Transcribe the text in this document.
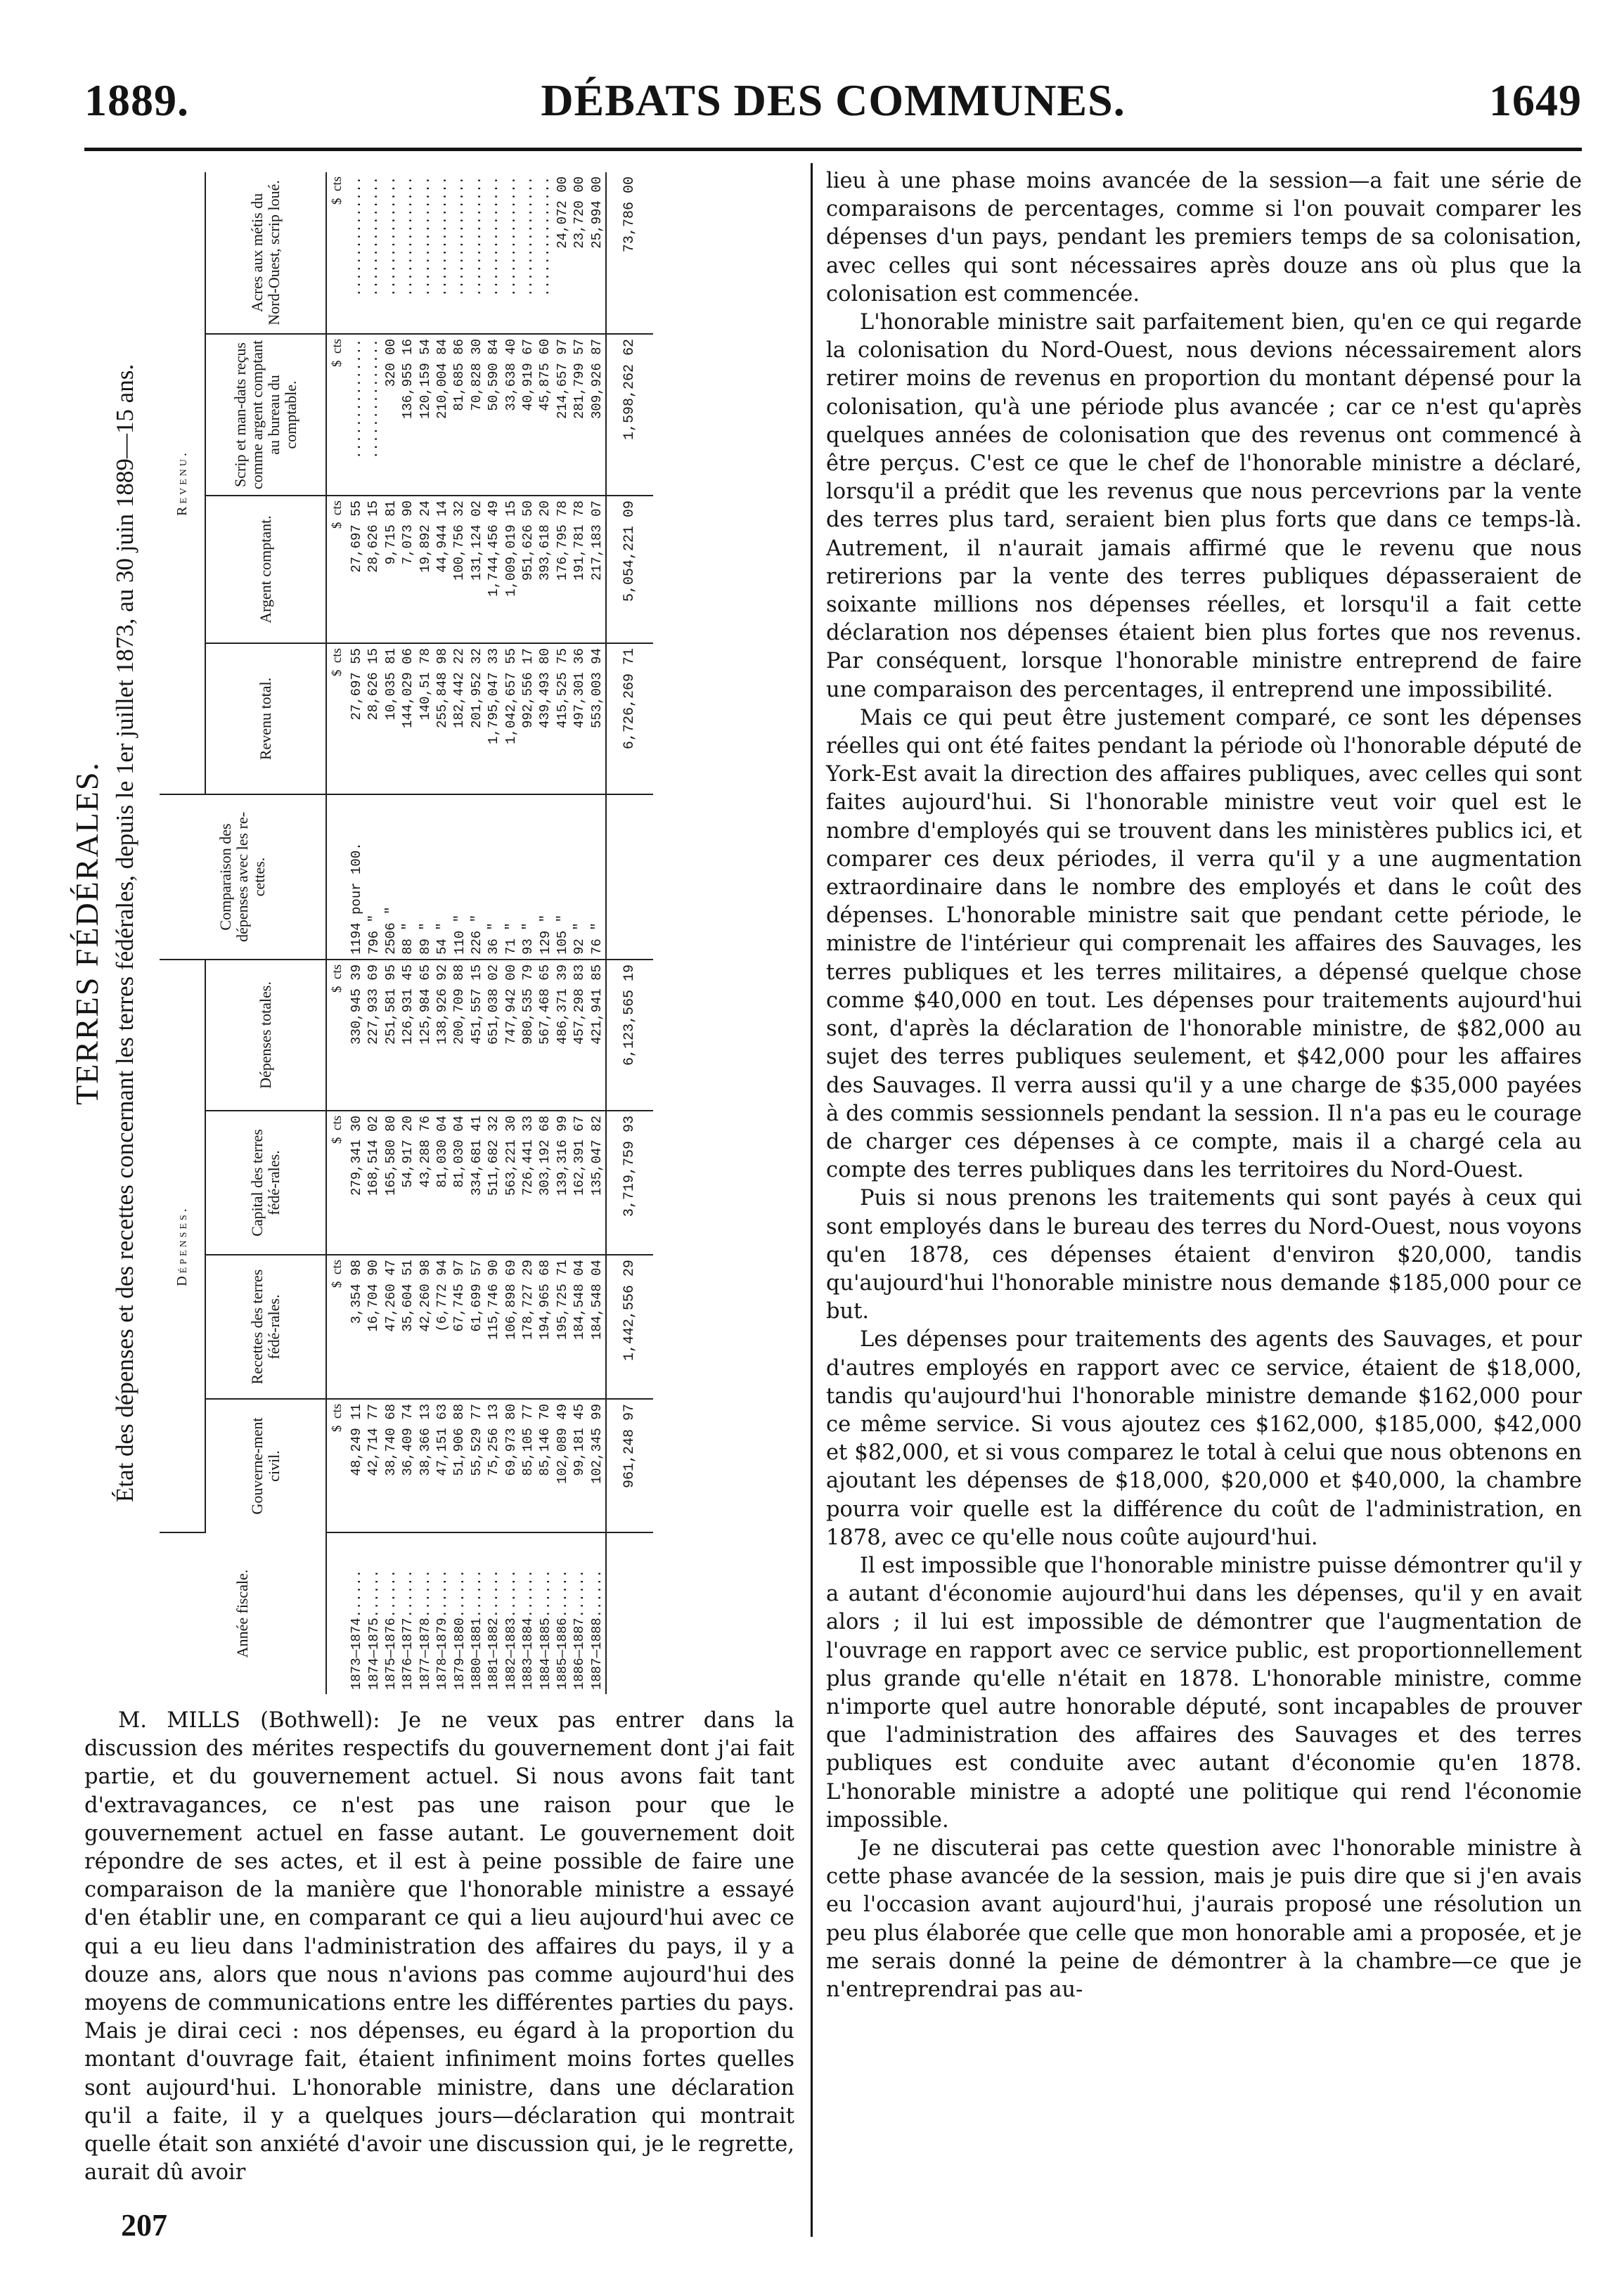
1889.	DÉBATS DES COMMUNES.	1649
TERRES FÉDÉRALES. État des dépenses et des recettes concernant les terres fédérales, depuis le 1er juillet 1873, au 30 juin 1889—15 ans.
Année fiscale.	Dépenses.				Comparaison des dépenses avec les re-cettes.	Revenu.			
	Gouverne-ment civil.	Recettes des terres fédé-rales.	Capital des terres fédé-rales.	Dépenses totales.		Revenu total.	Argent comptant.	Scrip et man-dats reçus comme argent comptant au bureau du comptable.	Acres aux métis du Nord-Ouest, scrip loué.
	$  cts	$  cts	$  cts	$  cts		$  cts	$  cts	$  cts	$  cts
1873—1874......	48,249 11	3,354 98	279,341 30	330,945 39	1194 pour 100.	27,697 55	27,697 55	...............	...............
1874—1875......	42,714 77	16,704 90	168,514 02	227,933 69	796 "	28,626 15	28,626 15	...............	...............
1875—1876......	38,740 68	47,260 47	165,580 80	251,581 95	2506 "	10,035 81	9,715 81	320 00	...............
1876—1877......	36,409 74	35,604 51	54,917 20	126,931 45	88 "	144,029 06	7,073 90	136,955 16	...............
1877—1878......	38,366 13	42,260 98	43,288 76	125,984 65	89 "	140,51 78	19,892 24	120,159 54	...............
1878—1879......	47,151 63	(6,772 94	81,030 04	138,926 92	54 "	255,848 98	44,944 14	210,004 84	...............
1879—1880......	51,906 88	67,745 97	81,030 04	200,709 88	110 "	182,442 22	100,756 32	81,685 86	...............
1880—1881......	55,529 77	61,699 57	334,681 41	451,557 15	226 "	201,952 32	131,124 02	70,828 30	...............
1881—1882......	75,256 13	115,746 90	511,682 32	651,038 02	36 "	1,795,047 33	1,744,456 49	50,590 84	...............
1882—1883......	69,973 80	106,898 69	563,221 30	747,942 00	71 "	1,042,657 55	1,009,019 15	33,638 40	...............
1883—1884......	85,105 77	178,727 29	726,441 33	980,535 79	93 "	992,556 17	951,626 50	40,919 67	...............
1884—1885......	85,146 70	194,965 68	303,192 68	567,468 65	129 "	439,493 80	393,618 20	45,875 60	...............
1885—1886......	102,089 49	195,725 71	139,316 99	486,371 39	105 "	415,525 75	176,795 78	214,657 97	24,072 00
1886—1887......	99,181 45	184,548 04	162,391 67	457,298 83	92 "	497,301 36	191,781 78	281,799 57	23,720 00
1887—1888......	102,345 99	184,548 04	135,047 82	421,941 85	76 "	553,003 94	217,183 07	309,926 87	25,994 00
	961,248 97	1,442,556 29	3,719,759 93	6,123,565 19		6,726,269 71	5,054,221 09	1,598,262 62	73,786 00

M. MILLS (Bothwell): Je ne veux pas entrer dans la discussion des mérites respectifs du gouvernement dont j'ai fait partie, et du gouvernement actuel. Si nous avons fait tant d'extravagances, ce n'est pas une raison pour que le gouvernement actuel en fasse autant. Le gouvernement doit répondre de ses actes, et il est à peine possible de faire une comparaison de la manière que l'honorable ministre a essayé d'en établir une, en comparant ce qui a lieu aujourd'hui avec ce qui a eu lieu dans l'administration des affaires du pays, il y a douze ans, alors que nous n'avions pas comme aujourd'hui des moyens de communications entre les différentes parties du pays. Mais je dirai ceci : nos dépenses, eu égard à la proportion du montant d'ouvrage fait, étaient infiniment moins fortes quelles sont aujourd'hui. L'honorable ministre, dans une déclaration qu'il a faite, il y a quelques jours—déclaration qui montrait quelle était son anxiété d'avoir une discussion qui, je le regrette, aurait dû avoir

207

lieu à une phase moins avancée de la session—a fait une série de comparaisons de percentages, comme si l'on pouvait comparer les dépenses d'un pays, pendant les premiers temps de sa colonisation, avec celles qui sont nécessaires après douze ans où plus que la colonisation est commencée.

L'honorable ministre sait parfaitement bien, qu'en ce qui regarde la colonisation du Nord-Ouest, nous devions nécessairement alors retirer moins de revenus en proportion du montant dépensé pour la colonisation, qu'à une période plus avancée ; car ce n'est qu'après quelques années de colonisation que des revenus ont commencé à être perçus. C'est ce que le chef de l'honorable ministre a déclaré, lorsqu'il a prédit que les revenus que nous percevrions par la vente des terres plus tard, seraient bien plus forts que dans ce temps-là. Autrement, il n'aurait jamais affirmé que le revenu que nous retirerions par la vente des terres publiques dépasseraient de soixante millions nos dépenses réelles, et lorsqu'il a fait cette déclaration nos dépenses étaient bien plus fortes que nos revenus. Par conséquent, lorsque l'honorable ministre entreprend de faire une comparaison des percentages, il entreprend une impossibilité.

Mais ce qui peut être justement comparé, ce sont les dépenses réelles qui ont été faites pendant la période où l'honorable député de York-Est avait la direction des affaires publiques, avec celles qui sont faites aujourd'hui. Si l'honorable ministre veut voir quel est le nombre d'employés qui se trouvent dans les ministères publics ici, et comparer ces deux périodes, il verra qu'il y a une augmentation extraordinaire dans le nombre des employés et dans le coût des dépenses. L'honorable ministre sait que pendant cette période, le ministre de l'intérieur qui comprenait les affaires des Sauvages, les terres publiques et les terres militaires, a dépensé quelque chose comme $40,000 en tout. Les dépenses pour traitements aujourd'hui sont, d'après la déclaration de l'honorable ministre, de $82,000 au sujet des terres publiques seulement, et $42,000 pour les affaires des Sauvages. Il verra aussi qu'il y a une charge de $35,000 payées à des commis sessionnels pendant la session. Il n'a pas eu le courage de charger ces dépenses à ce compte, mais il a chargé cela au compte des terres publiques dans les territoires du Nord-Ouest.

Puis si nous prenons les traitements qui sont payés à ceux qui sont employés dans le bureau des terres du Nord-Ouest, nous voyons qu'en 1878, ces dépenses étaient d'environ $20,000, tandis qu'aujourd'hui l'honorable ministre nous demande $185,000 pour ce but.

Les dépenses pour traitements des agents des Sauvages, et pour d'autres employés en rapport avec ce service, étaient de $18,000, tandis qu'aujourd'hui l'honorable ministre demande $162,000 pour ce même service. Si vous ajoutez ces $162,000, $185,000, $42,000 et $82,000, et si vous comparez le total à celui que nous obtenons en ajoutant les dépenses de $18,000, $20,000 et $40,000, la chambre pourra voir quelle est la différence du coût de l'administration, en 1878, avec ce qu'elle nous coûte aujourd'hui.

Il est impossible que l'honorable ministre puisse démontrer qu'il y a autant d'économie aujourd'hui dans les dépenses, qu'il y en avait alors ; il lui est impossible de démontrer que l'augmentation de l'ouvrage en rapport avec ce service public, est proportionnellement plus grande qu'elle n'était en 1878. L'honorable ministre, comme n'importe quel autre honorable député, sont incapables de prouver que l'administration des affaires des Sauvages et des terres publiques est conduite avec autant d'économie qu'en 1878. L'honorable ministre a adopté une politique qui rend l'économie impossible.

Je ne discuterai pas cette question avec l'honorable ministre à cette phase avancée de la session, mais je puis dire que si j'en avais eu l'occasion avant aujourd'hui, j'aurais proposé une résolution un peu plus élaborée que celle que mon honorable ami a proposée, et je me serais donné la peine de démontrer à la chambre—ce que je n'entreprendrai pas au-
